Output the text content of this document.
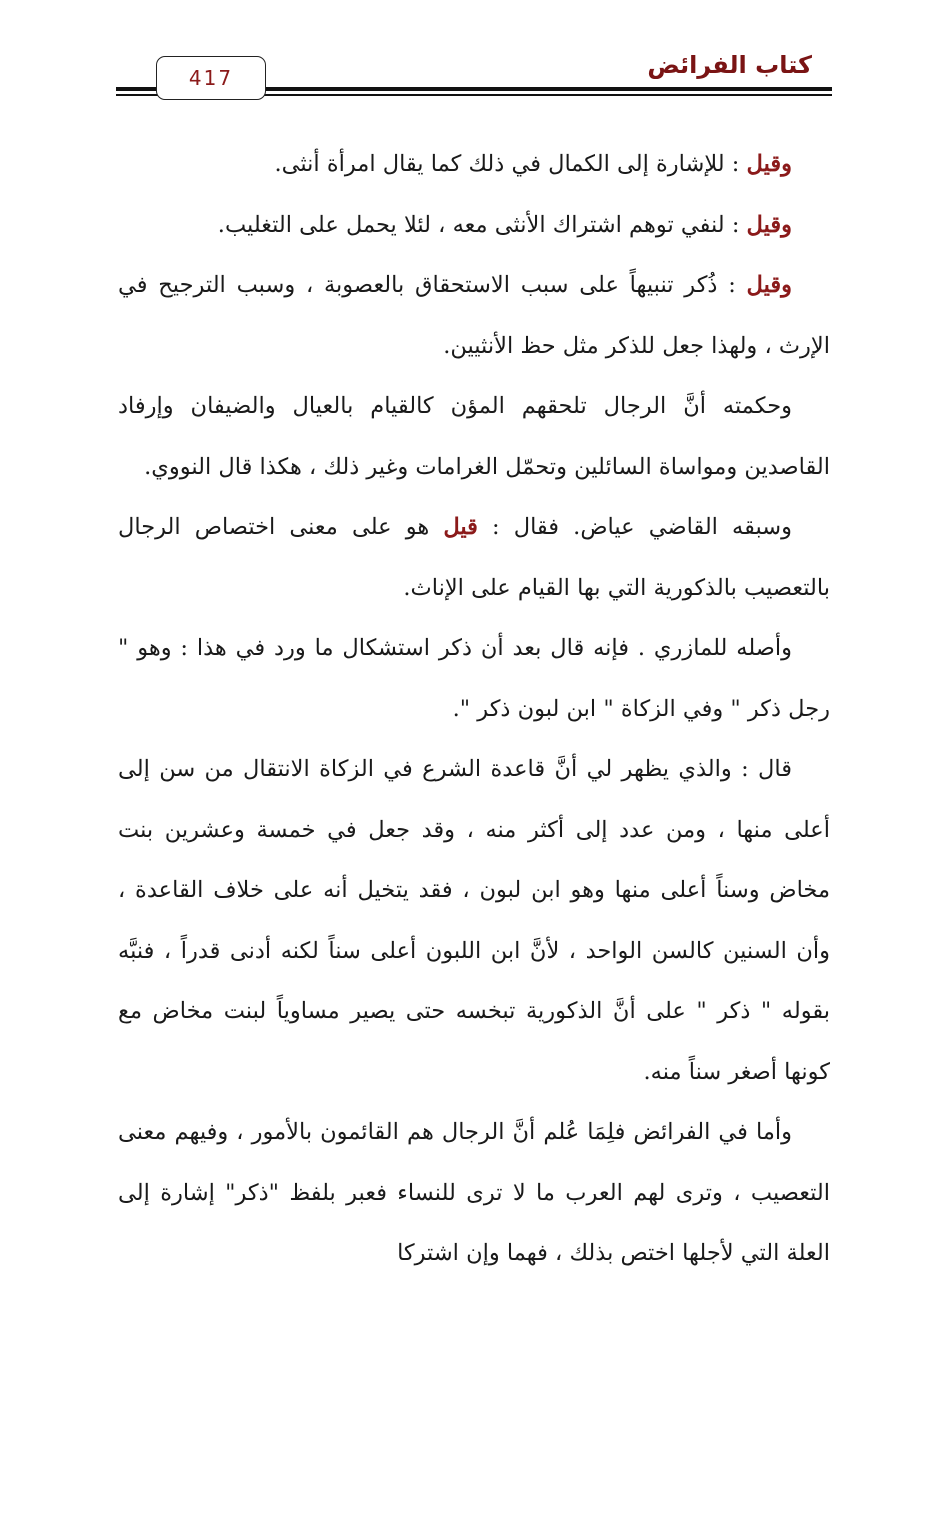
417	كتاب الفرائض

وقيل : للإشارة إلى الكمال في ذلك كما يقال امرأة أنثى.

وقيل : لنفي توهم اشتراك الأنثى معه ، لئلا يحمل على التغليب.

وقيل : ذُكر تنبيهاً على سبب الاستحقاق بالعصوبة ، وسبب الترجيح في الإرث ، ولهذا جعل للذكر مثل حظ الأنثيين.

وحكمته أنَّ الرجال تلحقهم المؤن كالقيام بالعيال والضيفان وإرفاد القاصدين ومواساة السائلين وتحمّل الغرامات وغير ذلك ، هكذا قال النووي.

وسبقه القاضي عياض. فقال : قيل هو على معنى اختصاص الرجال بالتعصيب بالذكورية التي بها القيام على الإناث.

وأصله للمازري . فإنه قال بعد أن ذكر استشكال ما ورد في هذا : وهو " رجل ذكر " وفي الزكاة " ابن لبون ذكر ".

قال : والذي يظهر لي أنَّ قاعدة الشرع في الزكاة الانتقال من سن إلى أعلى منها ، ومن عدد إلى أكثر منه ، وقد جعل في خمسة وعشرين بنت مخاض وسناً أعلى منها وهو ابن لبون ، فقد يتخيل أنه على خلاف القاعدة ، وأن السنين كالسن الواحد ، لأنَّ ابن اللبون أعلى سناً لكنه أدنى قدراً ، فنبَّه بقوله " ذكر " على أنَّ الذكورية تبخسه حتى يصير مساوياً لبنت مخاض مع كونها أصغر سناً منه.

وأما في الفرائض فلِمَا عُلم أنَّ الرجال هم القائمون بالأمور ، وفيهم معنى التعصيب ، وترى لهم العرب ما لا ترى للنساء فعبر بلفظ "ذكر" إشارة إلى العلة التي لأجلها اختص بذلك ، فهما وإن اشتركا
